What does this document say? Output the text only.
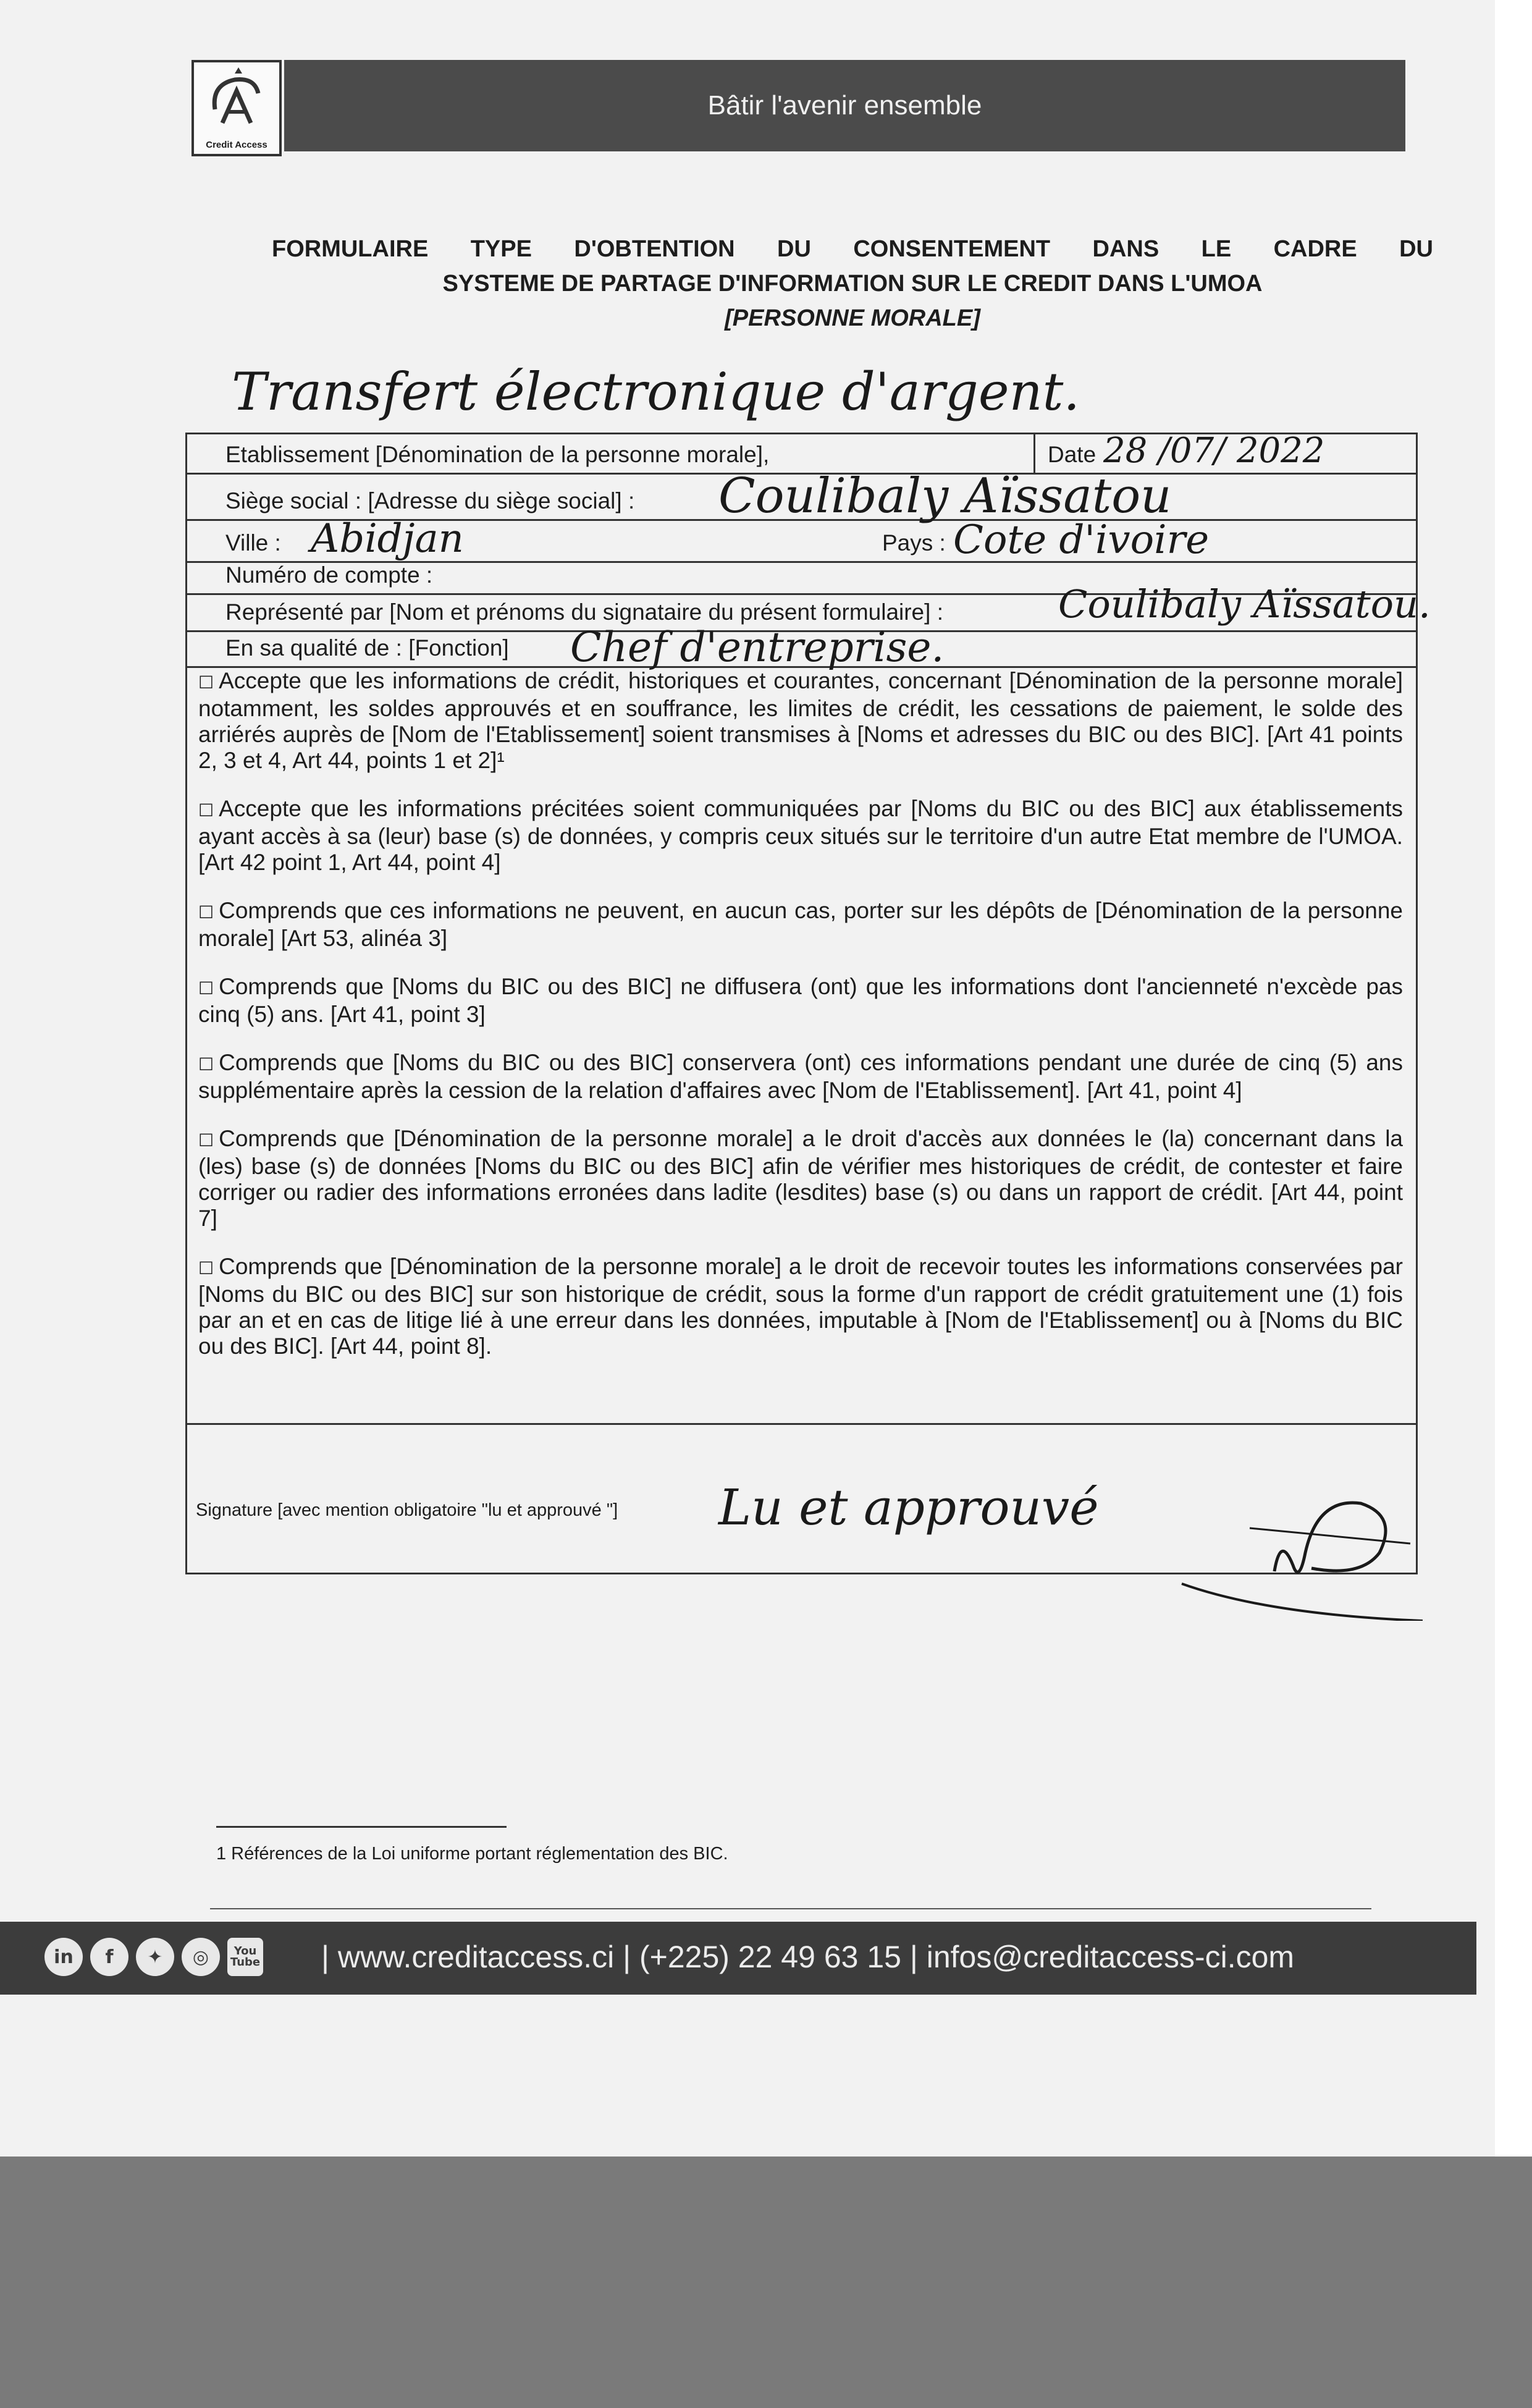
Credit Access
Bâtir l'avenir ensemble
FORMULAIRE TYPE D'OBTENTION DU CONSENTEMENT DANS LE CADRE DU
SYSTEME DE PARTAGE D'INFORMATION SUR LE CREDIT DANS L'UMOA
[PERSONNE MORALE]
Transfert électronique d'argent.
Etablissement [Dénomination de la personne morale],	Date 28 /07/ 2022
Siège social : [Adresse du siège social] : Coulibaly Aïssatou
Ville : Abidjan	Pays : Cote d'ivoire
Numéro de compte :
Représenté par [Nom et prénoms du signataire du présent formulaire] :	Coulibaly Aïssatou.
En sa qualité de : [Fonction] Chef d'entreprise.

☐ Accepte que les informations de crédit, historiques et courantes, concernant [Dénomination de la personne morale] notamment, les soldes approuvés et en souffrance, les limites de crédit, les cessations de paiement, le solde des arriérés auprès de [Nom de l'Etablissement] soient transmises à [Noms et adresses du BIC ou des BIC]. [Art 41 points 2, 3 et 4, Art 44, points 1 et 2]¹

☐ Accepte que les informations précitées soient communiquées par [Noms du BIC ou des BIC] aux établissements ayant accès à sa (leur) base (s) de données, y compris ceux situés sur le territoire d'un autre Etat membre de l'UMOA. [Art 42 point 1, Art 44, point 4]

☐ Comprends que ces informations ne peuvent, en aucun cas, porter sur les dépôts de [Dénomination de la personne morale] [Art 53, alinéa 3]

☐ Comprends que [Noms du BIC ou des BIC] ne diffusera (ont) que les informations dont l'ancienneté n'excède pas cinq (5) ans. [Art 41, point 3]

☐ Comprends que [Noms du BIC ou des BIC] conservera (ont) ces informations pendant une durée de cinq (5) ans supplémentaire après la cession de la relation d'affaires avec [Nom de l'Etablissement]. [Art 41, point 4]

☐ Comprends que [Dénomination de la personne morale] a le droit d'accès aux données le (la) concernant dans la (les) base (s) de données [Noms du BIC ou des BIC] afin de vérifier mes historiques de crédit, de contester et faire corriger ou radier des informations erronées dans ladite (lesdites) base (s) ou dans un rapport de crédit. [Art 44, point 7]

☐ Comprends que [Dénomination de la personne morale] a le droit de recevoir toutes les informations conservées par [Noms du BIC ou des BIC] sur son historique de crédit, sous la forme d'un rapport de crédit gratuitement une (1) fois par an et en cas de litige lié à une erreur dans les données, imputable à [Nom de l'Etablissement] ou à [Noms du BIC ou des BIC]. [Art 44, point 8].

Signature [avec mention obligatoire "lu et approuvé "] Lu et approuvé
1 Références de la Loi uniforme portant réglementation des BIC.
in	f	✦	◎	You
Tube | www.creditaccess.ci | (+225) 22 49 63 15 | infos@creditaccess-ci.com
